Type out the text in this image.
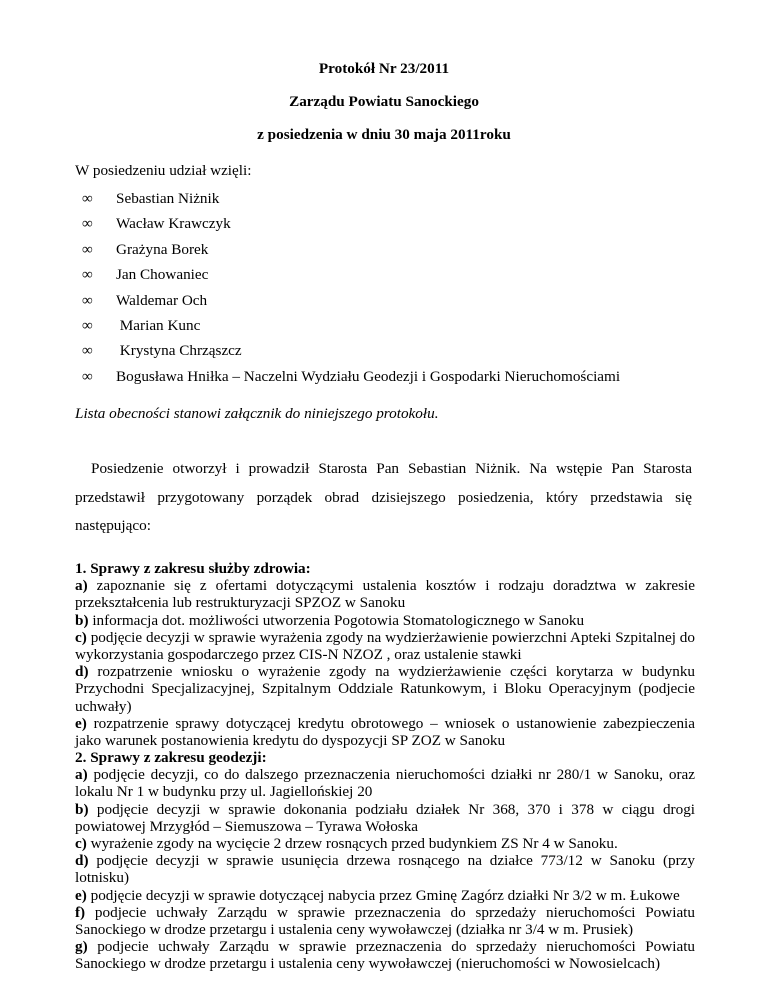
Protokół Nr 23/2011
Zarządu Powiatu Sanockiego
z posiedzenia w dniu 30 maja 2011roku
W posiedzeniu udział wzięli:
∞ Sebastian Niżnik
∞ Wacław Krawczyk
∞ Grażyna Borek
∞ Jan Chowaniec
∞ Waldemar Och
∞ Marian Kunc
∞ Krystyna Chrząszcz
∞ Bogusława Hniłka – Naczelni Wydziału Geodezji i Gospodarki Nieruchomościami
Lista obecności stanowi załącznik do niniejszego protokołu.

Posiedzenie otworzył i prowadził Starosta Pan Sebastian Niżnik. Na wstępie Pan Starosta przedstawił przygotowany porządek obrad dzisiejszego posiedzenia, który przedstawia się następująco:

1. Sprawy z zakresu służby zdrowia:

a) zapoznanie się z ofertami dotyczącymi ustalenia kosztów i rodzaju doradztwa w zakresie przekształcenia lub restrukturyzacji SPZOZ w Sanoku

b) informacja dot. możliwości utworzenia Pogotowia Stomatologicznego w Sanoku

c) podjęcie decyzji w sprawie wyrażenia zgody na wydzierżawienie powierzchni Apteki Szpitalnej do wykorzystania gospodarczego przez CIS-N NZOZ , oraz ustalenie stawki

d) rozpatrzenie wniosku o wyrażenie zgody na wydzierżawienie części korytarza w budynku Przychodni Specjalizacyjnej, Szpitalnym Oddziale Ratunkowym, i Bloku Operacyjnym (podjecie uchwały)

e) rozpatrzenie sprawy dotyczącej kredytu obrotowego – wniosek o ustanowienie zabezpieczenia jako warunek postanowienia kredytu do dyspozycji SP ZOZ w Sanoku

2. Sprawy z zakresu geodezji:

a) podjęcie decyzji, co do dalszego przeznaczenia nieruchomości działki nr 280/1 w Sanoku, oraz lokalu Nr 1 w budynku przy ul. Jagiellońskiej 20

b) podjęcie decyzji w sprawie dokonania podziału działek Nr 368, 370 i 378 w ciągu drogi powiatowej Mrzygłód – Siemuszowa – Tyrawa Wołoska

c) wyrażenie zgody na wycięcie 2 drzew rosnących przed budynkiem ZS Nr 4 w Sanoku.

d) podjęcie decyzji w sprawie usunięcia drzewa rosnącego na działce 773/12 w Sanoku (przy lotnisku)

e) podjęcie decyzji w sprawie dotyczącej nabycia przez Gminę Zagórz działki Nr 3/2 w m. Łukowe

f) podjecie uchwały Zarządu w sprawie przeznaczenia do sprzedaży nieruchomości Powiatu Sanockiego w drodze przetargu i ustalenia ceny wywoławczej (działka nr 3/4 w m. Prusiek)

g) podjecie uchwały Zarządu w sprawie przeznaczenia do sprzedaży nieruchomości Powiatu Sanockiego w drodze przetargu i ustalenia ceny wywoławczej (nieruchomości w Nowosielcach)
